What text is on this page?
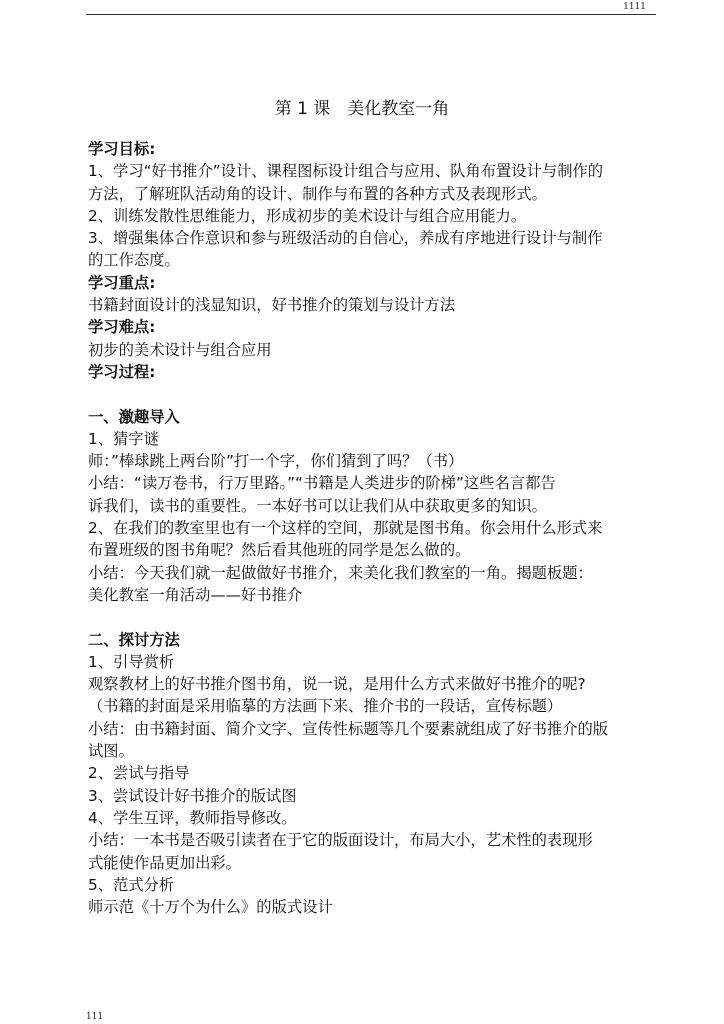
1111
第 1 课　美化教室一角

学习目标:

1、学习“好书推介”设计、课程图标设计组合与应用、队角布置设计与制作的

方法，了解班队活动角的设计、制作与布置的各种方式及表现形式。

2、训练发散性思维能力，形成初步的美术设计与组合应用能力。

3、增强集体合作意识和参与班级活动的自信心，养成有序地进行设计与制作

的工作态度。

学习重点:

书籍封面设计的浅显知识，好书推介的策划与设计方法

学习难点:

初步的美术设计与组合应用

学习过程:

一、激趣导入

1、猜字谜

师：”棒球跳上两台阶”打一个字，你们猜到了吗？（书）

小结：“读万卷书，行万里路。”“书籍是人类进步的阶梯”这些名言都告

诉我们，读书的重要性。一本好书可以让我们从中获取更多的知识。

2、在我们的教室里也有一个这样的空间，那就是图书角。你会用什么形式来

布置班级的图书角呢？然后看其他班的同学是怎么做的。

小结：今天我们就一起做做好书推介，来美化我们教室的一角。揭题板题：

美化教室一角活动——好书推介

二、探讨方法

1、引导赏析

观察教材上的好书推介图书角，说一说，是用什么方式来做好书推介的呢?

（书籍的封面是采用临摹的方法画下来、推介书的一段话，宣传标题）

小结：由书籍封面、简介文字、宣传性标题等几个要素就组成了好书推介的版

试图。

2、尝试与指导

3、尝试设计好书推介的版试图

4、学生互评，教师指导修改。

小结：一本书是否吸引读者在于它的版面设计，布局大小，艺术性的表现形

式能使作品更加出彩。

5、范式分析

师示范《十万个为什么》的版式设计

111
